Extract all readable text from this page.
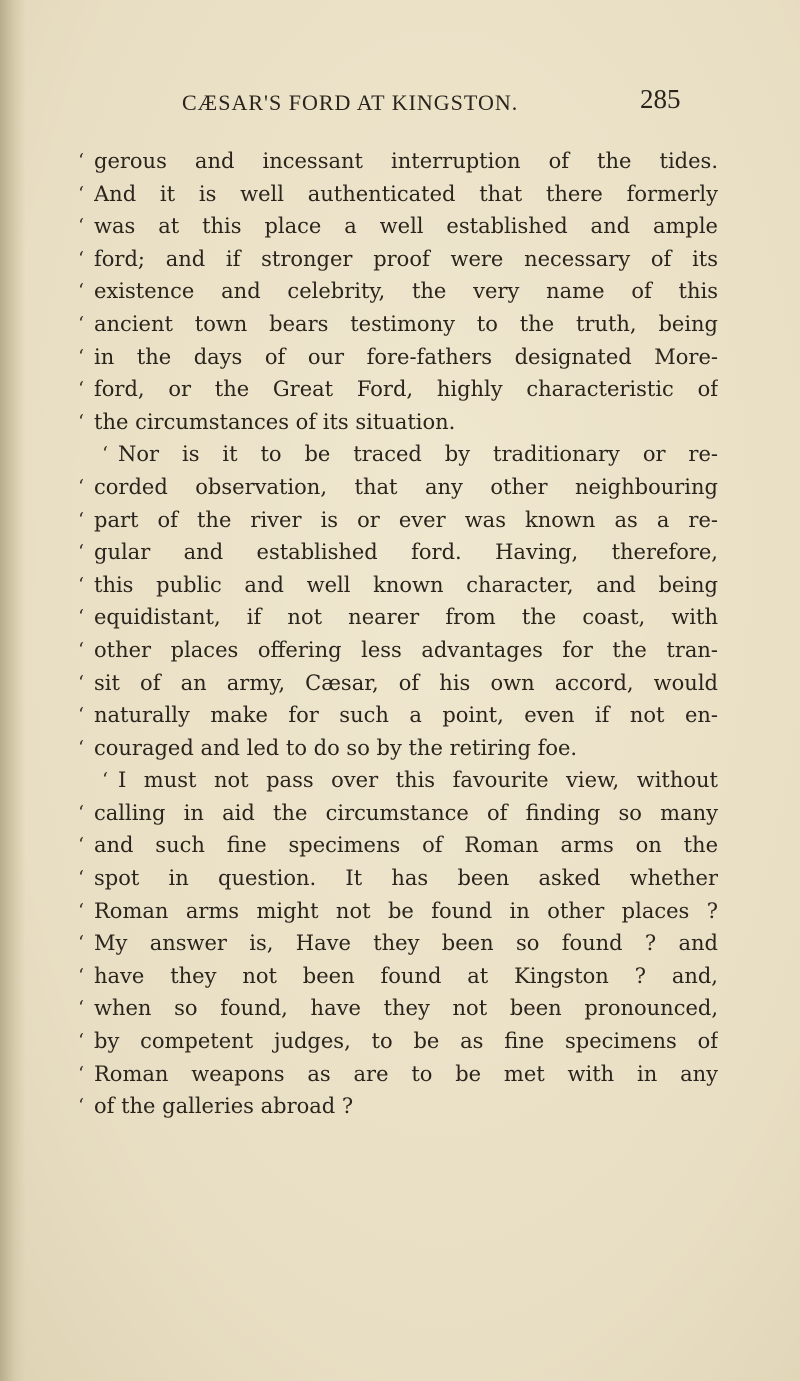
CÆSAR'S FORD AT KINGSTON.	285
‘ gerous and incessant interruption of the tides.
‘ And it is well authenticated that there formerly
‘ was at this place a well established and ample
‘ ford; and if stronger proof were necessary of its
‘ existence and celebrity, the very name of this
‘ ancient town bears testimony to the truth, being
‘ in the days of our fore-fathers designated More-
‘ ford, or the Great Ford, highly characteristic of
‘ the circumstances of its situation.
‘ Nor is it to be traced by traditionary or re-
‘ corded observation, that any other neighbouring
‘ part of the river is or ever was known as a re-
‘ gular and established ford. Having, therefore,
‘ this public and well known character, and being
‘ equidistant, if not nearer from the coast, with
‘ other places offering less advantages for the tran-
‘ sit of an army, Cæsar, of his own accord, would
‘ naturally make for such a point, even if not en-
‘ couraged and led to do so by the retiring foe.
‘ I must not pass over this favourite view, without
‘ calling in aid the circumstance of finding so many
‘ and such fine specimens of Roman arms on the
‘ spot in question. It has been asked whether
‘ Roman arms might not be found in other places ?
‘ My answer is, Have they been so found ? and
‘ have they not been found at Kingston ? and,
‘ when so found, have they not been pronounced,
‘ by competent judges, to be as fine specimens of
‘ Roman weapons as are to be met with in any
‘ of the galleries abroad ?
